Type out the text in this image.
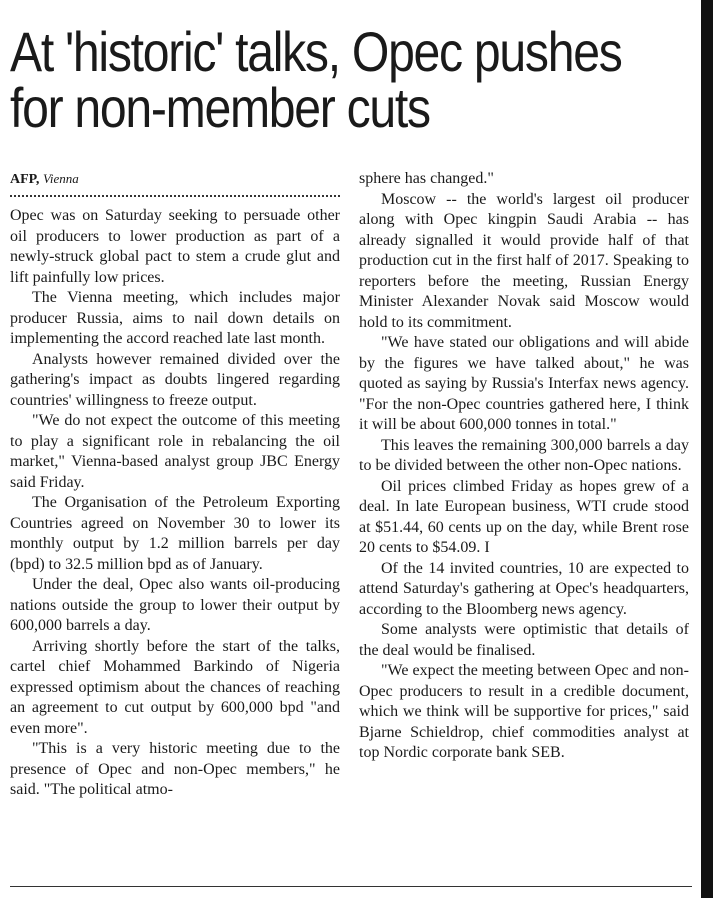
At 'historic' talks, Opec pushes
for non-member cuts
AFP, Vienna

Opec was on Saturday seeking to persuade other oil producers to lower production as part of a newly-struck global pact to stem a crude glut and lift painfully low prices.

The Vienna meeting, which includes major producer Russia, aims to nail down details on implementing the accord reached late last month.

Analysts however remained divided over the gathering's impact as doubts lingered regarding countries' willingness to freeze output.

"We do not expect the outcome of this meeting to play a significant role in rebalancing the oil market," Vienna-based analyst group JBC Energy said Friday.

The Organisation of the Petroleum Exporting Countries agreed on November 30 to lower its monthly output by 1.2 million barrels per day (bpd) to 32.5 million bpd as of January.

Under the deal, Opec also wants oil-producing nations outside the group to lower their output by 600,000 barrels a day.

Arriving shortly before the start of the talks, cartel chief Mohammed Barkindo of Nigeria expressed optimism about the chances of reaching an agreement to cut output by 600,000 bpd "and even more".

"This is a very historic meeting due to the presence of Opec and non-Opec members," he said. "The political atmo-

sphere has changed."

Moscow -- the world's largest oil producer along with Opec kingpin Saudi Arabia -- has already signalled it would provide half of that production cut in the first half of 2017. Speaking to reporters before the meeting, Russian Energy Minister Alexander Novak said Moscow would hold to its commitment.

"We have stated our obligations and will abide by the figures we have talked about," he was quoted as saying by Russia's Interfax news agency. "For the non-Opec countries gathered here, I think it will be about 600,000 tonnes in total."

This leaves the remaining 300,000 barrels a day to be divided between the other non-Opec nations.

Oil prices climbed Friday as hopes grew of a deal. In late European business, WTI crude stood at $51.44, 60 cents up on the day, while Brent rose 20 cents to $54.09. I

Of the 14 invited countries, 10 are expected to attend Saturday's gathering at Opec's headquarters, according to the Bloomberg news agency.

Some analysts were optimistic that details of the deal would be finalised.

"We expect the meeting between Opec and non-Opec producers to result in a credible document, which we think will be supportive for prices," said Bjarne Schieldrop, chief commodities analyst at top Nordic corporate bank SEB.
